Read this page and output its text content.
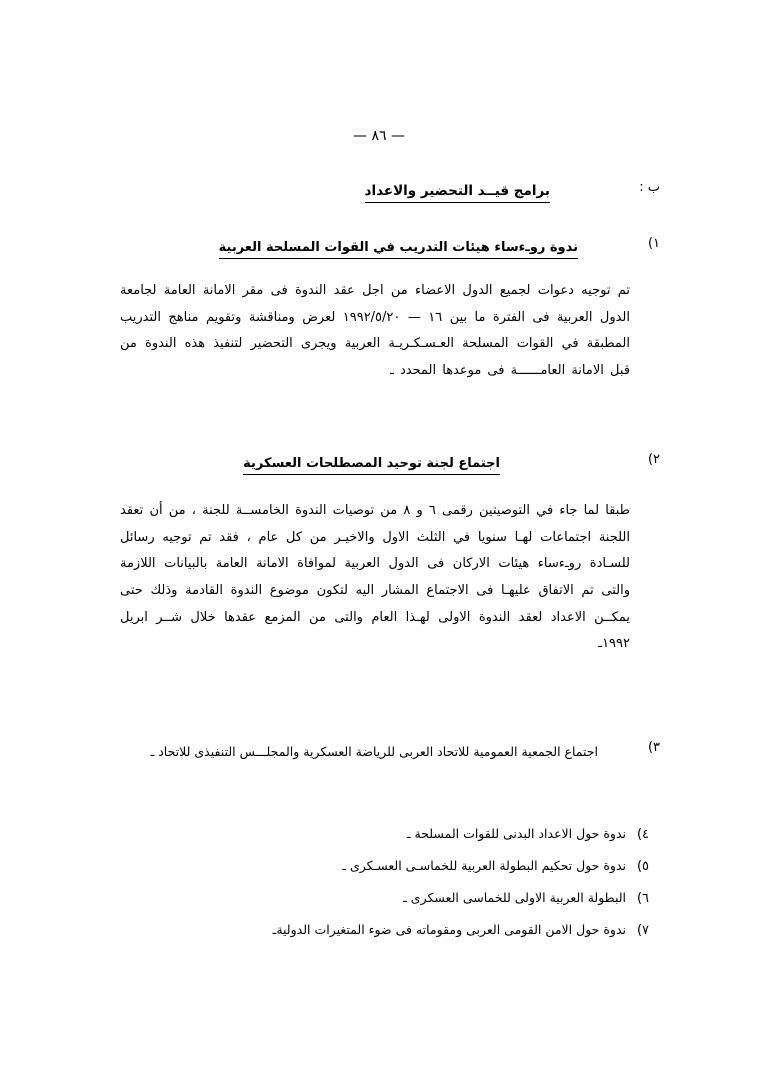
— ٨٦ —
ب :
برامج قيــد التحضير والاعداد
١)
ندوة روـءساء هيئات التدريب في القوات المسلحة العربية
تم توجيه دعوات لجميع الدول الاعضاء من اجل عقد الندوة فى مقر الامانة العامة لجامعة الدول العربية فى الفترة ما بين ١٦ — ١٩٩٢/٥/٢٠ لعرض ومناقشة وتقويم مناهج التدريب المطبقة في القوات المسلحة العـسـكـريـة العربية ويجرى التحضير لتنفيذ هذه الندوة من قبل الامانة العامــــــة فى موعدها المحدد ـ
٢)
اجتماع لجنة توحيد المصطلحات العسكرية
طبقا لما جاء في التوصيتين رقمى ٦ و ٨ من توصيات الندوة الخامســة للجنة ، من أن تعقد اللجنة اجتماعات لهـا سنويا في الثلث الاول والاخيـر من كل عام ، فقد تم توجيه رسائل للسـادة روـءساء هيئات الاركان فى الدول العربية لموافاة الامانة العامة بالبيانات اللازمة والتى تم الاتفاق عليهـا فى الاجتماع المشار اليه لتكون موضوع الندوة القادمة وذلك حتى يمكــن الاعداد لعقد الندوة الاولى لهـذا العام والتى من المزمع عقدها خلال شــر ابريل ١٩٩٢ـ
٣)
اجتماع الجمعية العمومية للاتحاد العربى للرياضة العسكرية والمجلـــس التنفيذى للاتحاد ـ
٤)
ندوة حول الاعداد البدنى للقوات المسلحة ـ
٥)
ندوة حول تحكيم البطولة العربية للخماسـى العسـكرى ـ
٦)
البطولة العربية الاولى للخماسى العسكرى ـ
٧)
ندوة حول الامن القومى العربى ومقوماته فى ضوء المتغيرات الدوليةـ
